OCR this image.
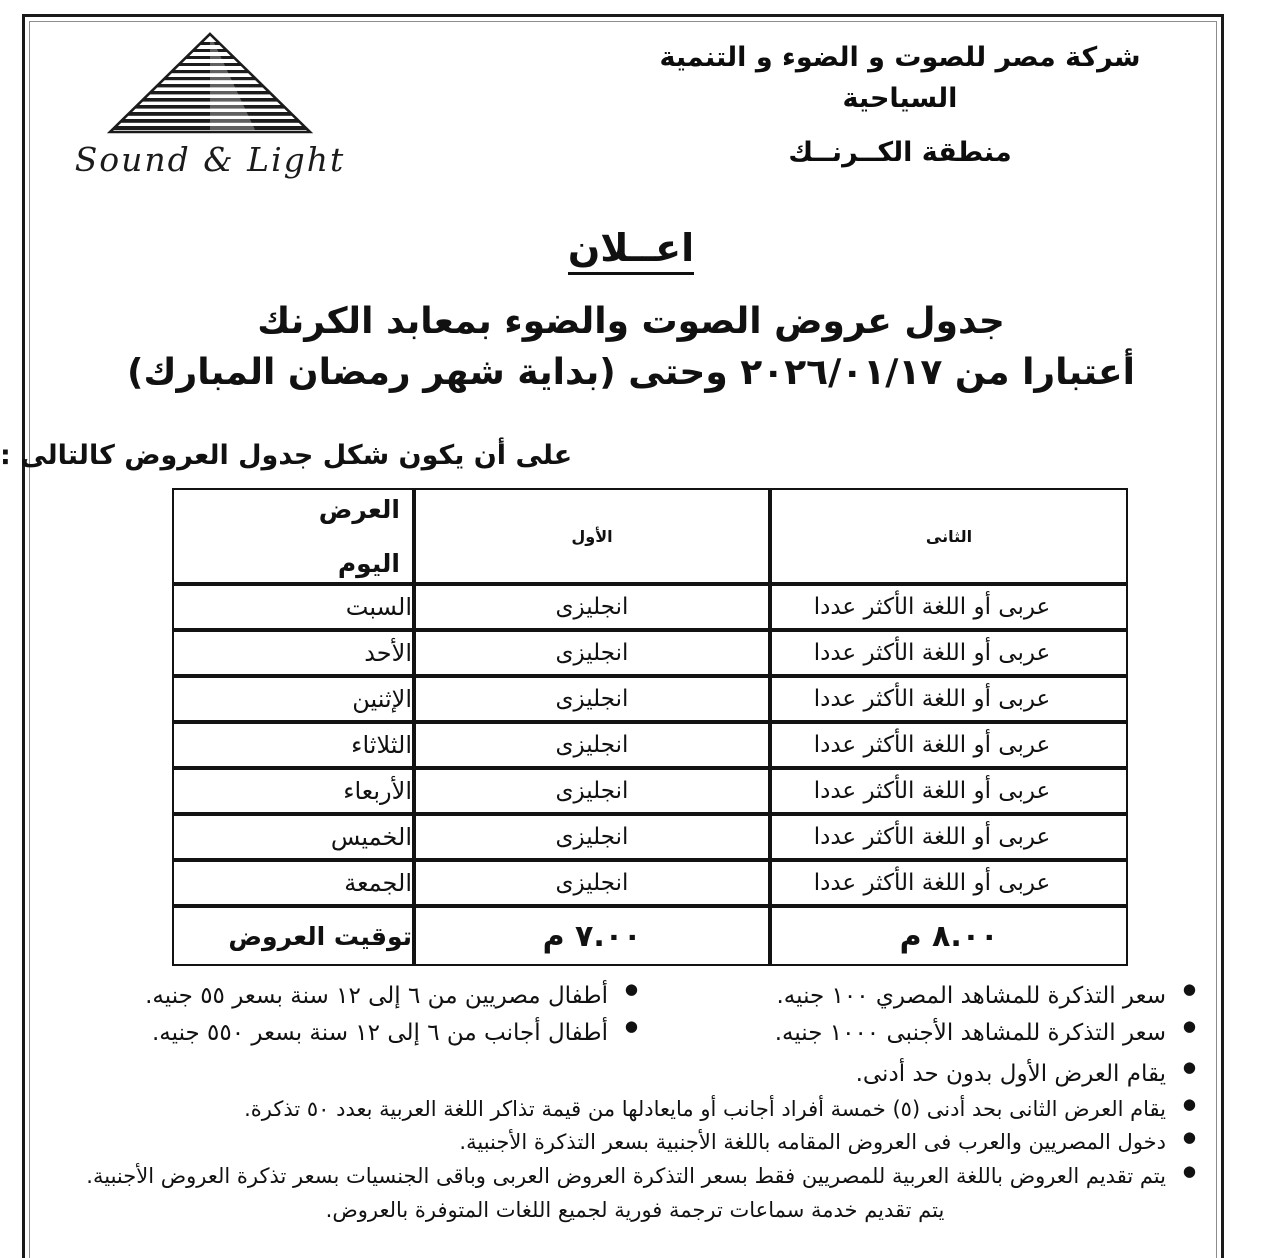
Sound & Light
شركة مصر للصوت و الضوء و التنمية السياحية
منطقة الكــرنــك
اعــلان
جدول عروض الصوت والضوء بمعابد الكرنك
أعتبارا من ٢٠٢٦/٠١/١٧ وحتى (بداية شهر رمضان المبارك)
على أن يكون شكل جدول العروض كالتالى :
الثانى	الأول	العرض
اليوم

عربى أو اللغة الأكثر عددا	انجليزى	السبت
عربى أو اللغة الأكثر عددا	انجليزى	الأحد
عربى أو اللغة الأكثر عددا	انجليزى	الإثنين
عربى أو اللغة الأكثر عددا	انجليزى	الثلاثاء
عربى أو اللغة الأكثر عددا	انجليزى	الأربعاء
عربى أو اللغة الأكثر عددا	انجليزى	الخميس
عربى أو اللغة الأكثر عددا	انجليزى	الجمعة
٨.٠٠ م	٧.٠٠ م	توقيت العروض
● سعر التذكرة للمشاهد المصري ١٠٠ جنيه.
● سعر التذكرة للمشاهد الأجنبى ١٠٠٠ جنيه.
● أطفال مصريين من ٦ إلى ١٢ سنة بسعر ٥٥ جنيه.
● أطفال أجانب من ٦ إلى ١٢ سنة بسعر ٥٥٠ جنيه.
● يقام العرض الأول بدون حد أدنى.
● يقام العرض الثانى بحد أدنى (٥) خمسة أفراد أجانب أو مايعادلها من قيمة تذاكر اللغة العربية بعدد ٥٠ تذكرة.
● دخول المصريين والعرب فى العروض المقامه باللغة الأجنبية بسعر التذكرة الأجنبية.
● يتم تقديم العروض باللغة العربية للمصريين فقط بسعر التذكرة العروض العربى وباقى الجنسيات بسعر تذكرة العروض الأجنبية.
يتم تقديم خدمة سماعات ترجمة فورية لجميع اللغات المتوفرة بالعروض.
